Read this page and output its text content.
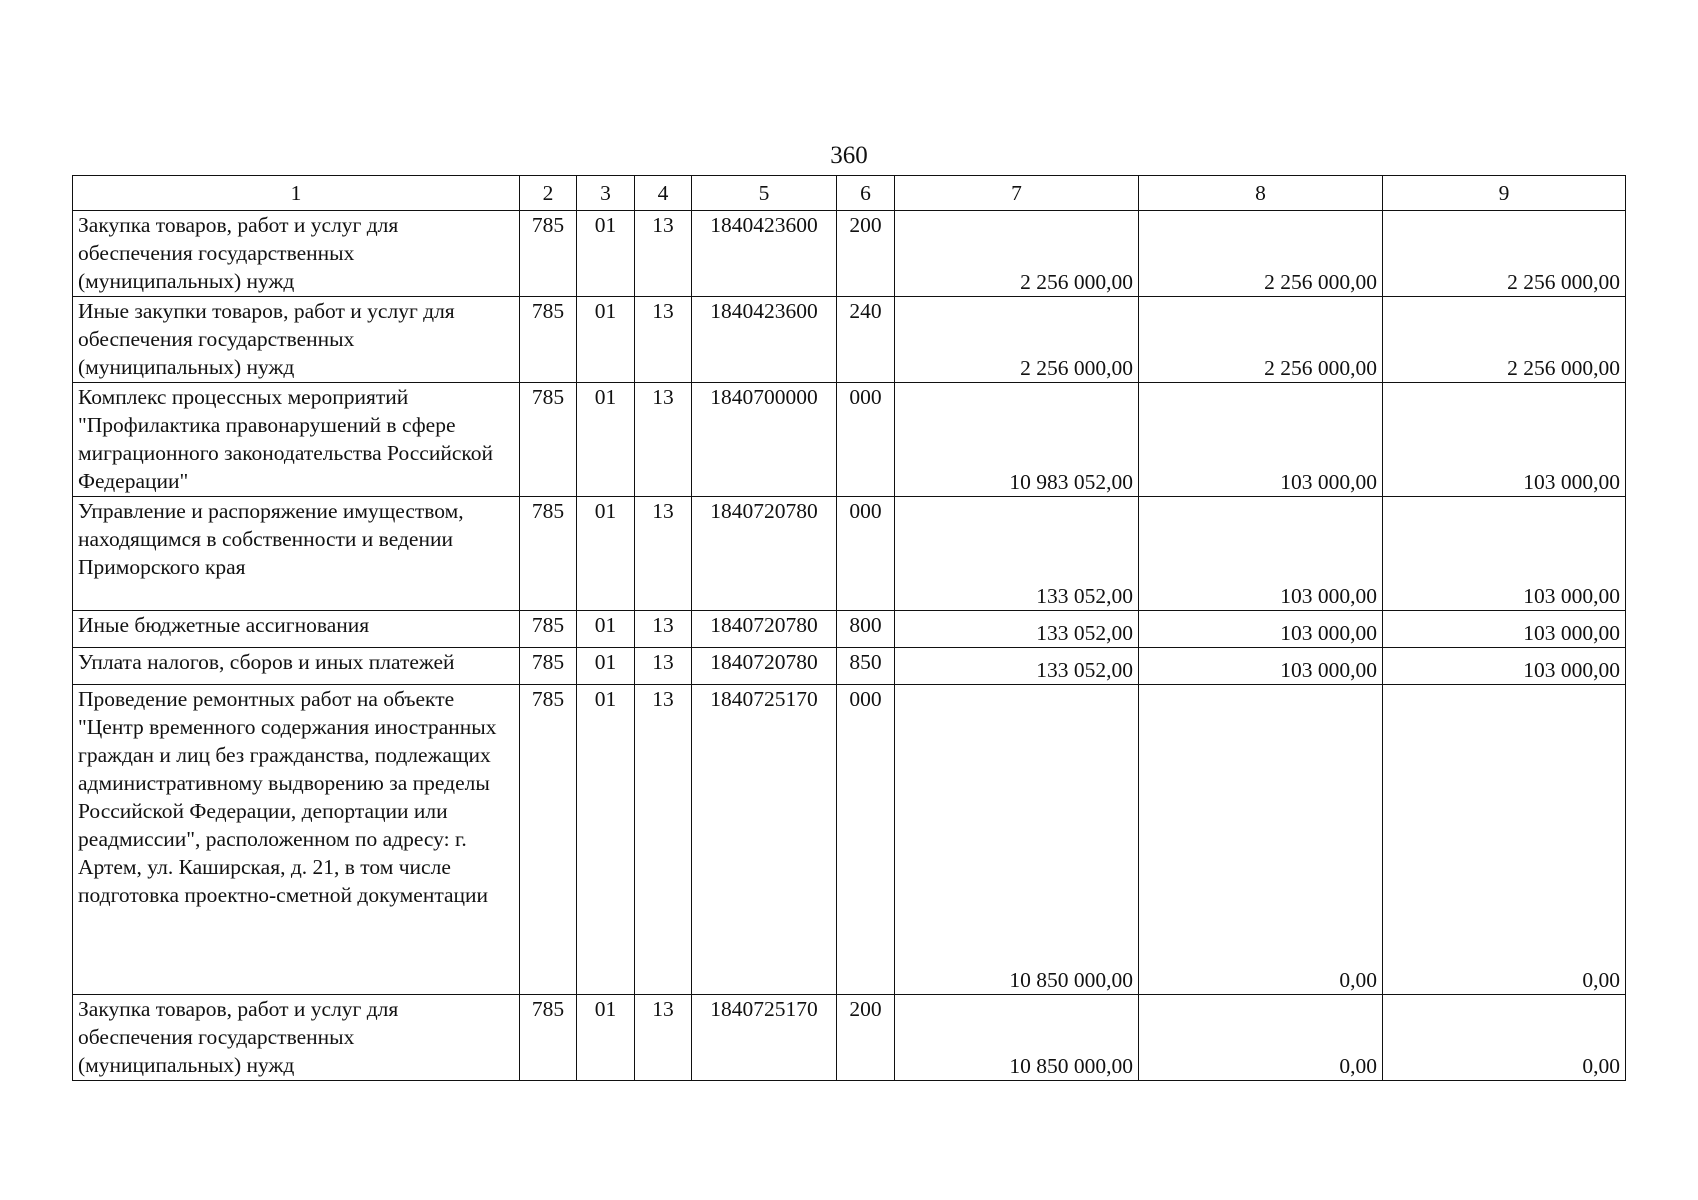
360
1	2	3	4	5	6	7	8	9
Закупка товаров, работ и услуг для обеспечения государственных (муниципальных) нужд	785	01	13	1840423600	200	2 256 000,00	2 256 000,00	2 256 000,00
Иные закупки товаров, работ и услуг для обеспечения государственных (муниципальных) нужд	785	01	13	1840423600	240	2 256 000,00	2 256 000,00	2 256 000,00
Комплекс процессных мероприятий "Профилактика правонарушений в сфере миграционного законодательства Российской Федерации"	785	01	13	1840700000	000	10 983 052,00	103 000,00	103 000,00
Управление и распоряжение имуществом, находящимся в собственности и ведении Приморского края	785	01	13	1840720780	000	133 052,00	103 000,00	103 000,00
Иные бюджетные ассигнования	785	01	13	1840720780	800	133 052,00	103 000,00	103 000,00
Уплата налогов, сборов и иных платежей	785	01	13	1840720780	850	133 052,00	103 000,00	103 000,00
Проведение ремонтных работ на объекте "Центр временного содержания иностранных граждан и лиц без гражданства, подлежащих административному выдворению за пределы Российской Федерации, депортации или реадмиссии", расположенном по адресу: г. Артем, ул. Каширская, д. 21, в том числе подготовка проектно-сметной документации	785	01	13	1840725170	000	10 850 000,00	0,00	0,00
Закупка товаров, работ и услуг для обеспечения государственных (муниципальных) нужд	785	01	13	1840725170	200	10 850 000,00	0,00	0,00
